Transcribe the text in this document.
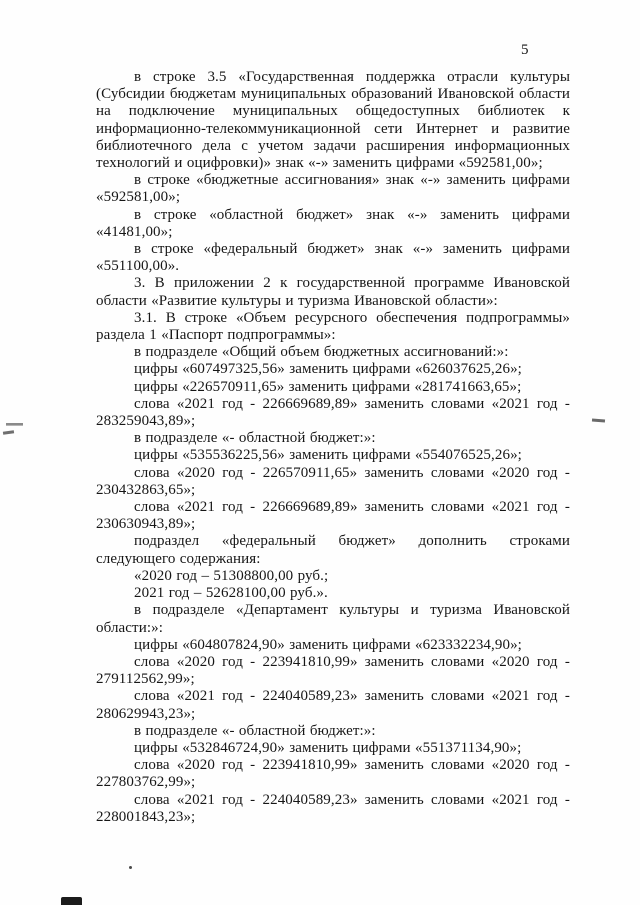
5

в строке 3.5 «Государственная поддержка отрасли культуры (Субсидии бюджетам муниципальных образований Ивановской области на подключение муниципальных общедоступных библиотек к информационно-телекоммуникационной сети Интернет и развитие библиотечного дела с учетом задачи расширения информационных технологий и оцифровки)» знак «-» заменить цифрами «592581,00»;

в строке «бюджетные ассигнования» знак «-» заменить цифрами «592581,00»;

в строке «областной бюджет» знак «-» заменить цифрами «41481,00»;

в строке «федеральный бюджет» знак «-» заменить цифрами «551100,00».

3. В приложении 2 к государственной программе Ивановской области «Развитие культуры и туризма Ивановской области»:

3.1. В строке «Объем ресурсного обеспечения подпрограммы» раздела 1 «Паспорт подпрограммы»:

в подразделе «Общий объем бюджетных ассигнований:»:

цифры «607497325,56» заменить цифрами «626037625,26»;

цифры «226570911,65» заменить цифрами «281741663,65»;

слова «2021 год - 226669689,89» заменить словами «2021 год - 283259043,89»;

в подразделе «- областной бюджет:»:

цифры «535536225,56» заменить цифрами «554076525,26»;

слова «2020 год - 226570911,65» заменить словами «2020 год - 230432863,65»;

слова «2021 год - 226669689,89» заменить словами «2021 год - 230630943,89»;

подраздел «федеральный бюджет» дополнить строками следующего содержания:

«2020 год – 51308800,00 руб.;

2021 год – 52628100,00 руб.».

в подразделе «Департамент культуры и туризма Ивановской области:»:

цифры «604807824,90» заменить цифрами «623332234,90»;

слова «2020 год - 223941810,99» заменить словами «2020 год - 279112562,99»;

слова «2021 год - 224040589,23» заменить словами «2021 год - 280629943,23»;

в подразделе «- областной бюджет:»:

цифры «532846724,90» заменить цифрами «551371134,90»;

слова «2020 год - 223941810,99» заменить словами «2020 год - 227803762,99»;

слова «2021 год - 224040589,23» заменить словами «2021 год - 228001843,23»;
